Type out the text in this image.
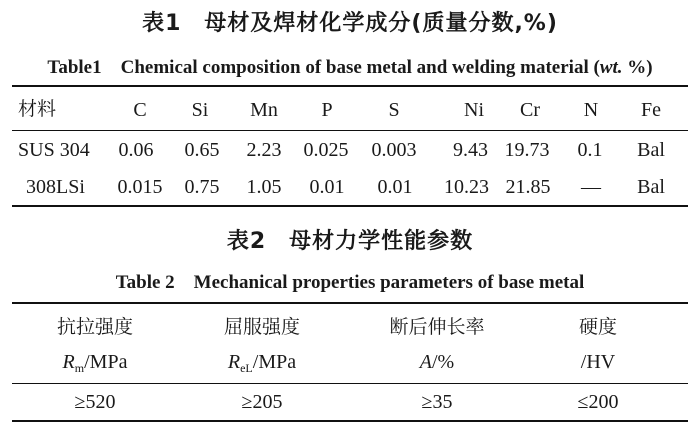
表1　母材及焊材化学成分(质量分数,%)
Table1　Chemical composition of base metal and welding material (wt. %)
材料	C Si Mn P	S	Ni Cr N Fe
SUS 304 0.06 0.65 2.23 0.025 0.003 9.43 19.73 0.1 Bal
308LSi 0.015 0.75 1.05 0.01 0.01 10.23 21.85 — Bal
表2　母材力学性能参数
Table 2　Mechanical properties parameters of base metal
抗拉强度	屈服强度	断后伸长率	硬度
$R_m$/MPa	$R_{eL}$/MPa	A/%	/HV
≥520	≥205	≥35	≤200
